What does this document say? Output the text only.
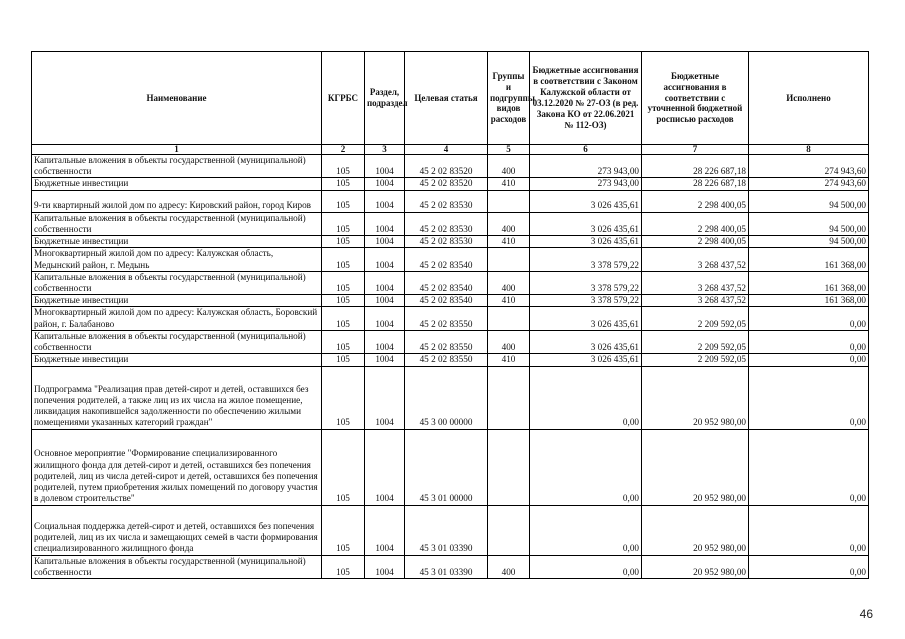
Наименование	КГРБС	Раздел, подраздел	Целевая статья	Группы и подгруппы видов расходов	Бюджетные ассигнования в соответствии с Законом Калужской области от 03.12.2020 № 27-ОЗ (в ред. Закона КО от 22.06.2021 № 112-ОЗ)	Бюджетные ассигнования в соответствии с уточненной бюджетной росписью расходов	Исполнено
1	2	3	4	5	6	7	8
Капитальные вложения в объекты государственной (муниципальной) собственности	105	1004	45 2 02 83520	400	273 943,00	28 226 687,18	274 943,60
Бюджетные инвестиции	105	1004	45 2 02 83520	410	273 943,00	28 226 687,18	274 943,60
9-ти квартирный жилой дом по адресу: Кировский район, город Киров	105	1004	45 2 02 83530		3 026 435,61	2 298 400,05	94 500,00
Капитальные вложения в объекты государственной (муниципальной) собственности	105	1004	45 2 02 83530	400	3 026 435,61	2 298 400,05	94 500,00
Бюджетные инвестиции	105	1004	45 2 02 83530	410	3 026 435,61	2 298 400,05	94 500,00
Многоквартирный жилой дом по адресу: Калужская область, Медынский район, г. Медынь	105	1004	45 2 02 83540		3 378 579,22	3 268 437,52	161 368,00
Капитальные вложения в объекты государственной (муниципальной) собственности	105	1004	45 2 02 83540	400	3 378 579,22	3 268 437,52	161 368,00
Бюджетные инвестиции	105	1004	45 2 02 83540	410	3 378 579,22	3 268 437,52	161 368,00
Многоквартирный жилой дом по адресу: Калужская область, Боровский район, г. Балабаново	105	1004	45 2 02 83550		3 026 435,61	2 209 592,05	0,00
Капитальные вложения в объекты государственной (муниципальной) собственности	105	1004	45 2 02 83550	400	3 026 435,61	2 209 592,05	0,00
Бюджетные инвестиции	105	1004	45 2 02 83550	410	3 026 435,61	2 209 592,05	0,00
Подпрограмма "Реализация прав детей-сирот и детей, оставшихся без попечения родителей, а также лиц из их числа на жилое помещение, ликвидация накопившейся задолженности по обеспечению жилыми помещениями указанных категорий граждан"	105	1004	45 3 00 00000		0,00	20 952 980,00	0,00
Основное мероприятие "Формирование специализированного жилищного фонда для детей-сирот и детей, оставшихся без попечения родителей, лиц из числа детей-сирот и детей, оставшихся без попечения родителей, путем приобретения жилых помещений по договору участия в долевом строительстве"	105	1004	45 3 01 00000		0,00	20 952 980,00	0,00
Социальная поддержка детей-сирот и детей, оставшихся без попечения родителей, лиц из их числа и замещающих семей в части формирования специализированного жилищного фонда	105	1004	45 3 01 03390		0,00	20 952 980,00	0,00
Капитальные вложения в объекты государственной (муниципальной) собственности	105	1004	45 3 01 03390	400	0,00	20 952 980,00	0,00
46
